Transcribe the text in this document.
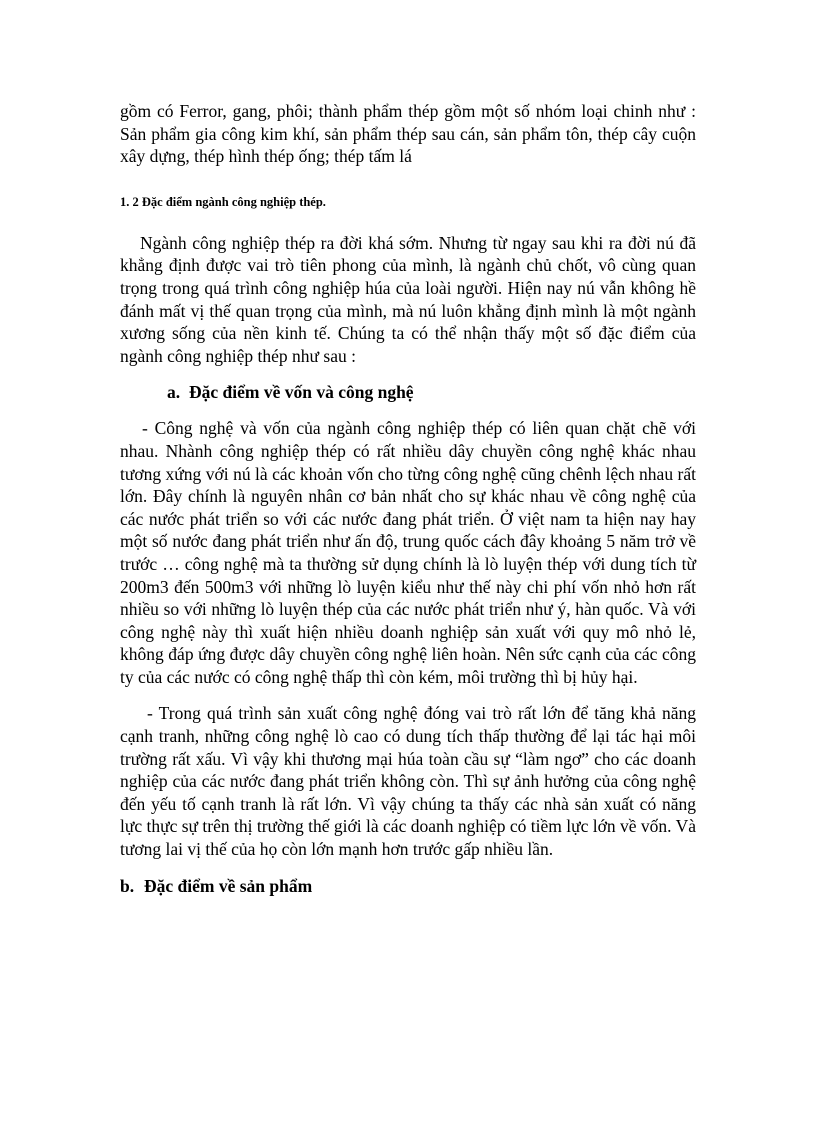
gồm có Ferror, gang, phôi; thành phẩm thép gồm một số nhóm loại chinh như : Sản phẩm gia công kim khí, sản phẩm thép sau cán, sản phẩm tôn, thép cây cuộn xây dựng, thép hình thép ống; thép tấm lá

1. 2 Đặc điểm ngành công nghiệp thép.

Ngành công nghiệp thép ra đời khá sớm. Nhưng từ ngay sau khi ra đời nú đã khẳng định được vai trò tiên phong của mình, là ngành chủ chốt, vô cùng quan trọng trong quá trình công nghiệp húa của loài người. Hiện nay nú vẫn không hề đánh mất vị thế quan trọng của mình, mà nú luôn khẳng định mình là một ngành xương sống của nền kinh tế. Chúng ta có thể nhận thấy một số đặc điểm của ngành công nghiệp thép như sau :

a. Đặc điểm về vốn và công nghệ

- Công nghệ và vốn của ngành công nghiệp thép có liên quan chặt chẽ với nhau. Nhành công nghiệp thép có rất nhiều dây chuyền công nghệ khác nhau tương xứng với nú là các khoản vốn cho từng công nghệ cũng chênh lệch nhau rất lớn. Đây chính là nguyên nhân cơ bản nhất cho sự khác nhau về công nghệ của các nước phát triển so với các nước đang phát triển. Ở việt nam ta hiện nay hay một số nước đang phát triển như ấn độ, trung quốc cách đây khoảng 5 năm trở về trước … công nghệ mà ta thường sử dụng chính là lò luyện thép với dung tích từ 200m3 đến 500m3 với những lò luyện kiểu như thế này chi phí vốn nhỏ hơn rất nhiều so với những lò luyện thép của các nước phát triển như ý, hàn quốc. Và với công nghệ này thì xuất hiện nhiều doanh nghiệp sản xuất với quy mô nhỏ lẻ, không đáp ứng được dây chuyền công nghệ liên hoàn. Nên sức cạnh của các công ty của các nước có công nghệ thấp thì còn kém, môi trường thì bị hủy hại.

- Trong quá trình sản xuất công nghệ đóng vai trò rất lớn để tăng khả năng cạnh tranh, những công nghệ lò cao có dung tích thấp thường để lại tác hại môi trường rất xấu. Vì vậy khi thương mại húa toàn cầu sự “làm ngơ” cho các doanh nghiệp của các nước đang phát triển không còn. Thì sự ảnh hưởng của công nghệ đến yếu tố cạnh tranh là rất lớn. Vì vậy chúng ta thấy các nhà sản xuất có năng lực thực sự trên thị trường thế giới là các doanh nghiệp có tiềm lực lớn về vốn. Và tương lai vị thế của họ còn lớn mạnh hơn trước gấp nhiều lần.

b. Đặc điểm về sản phẩm
